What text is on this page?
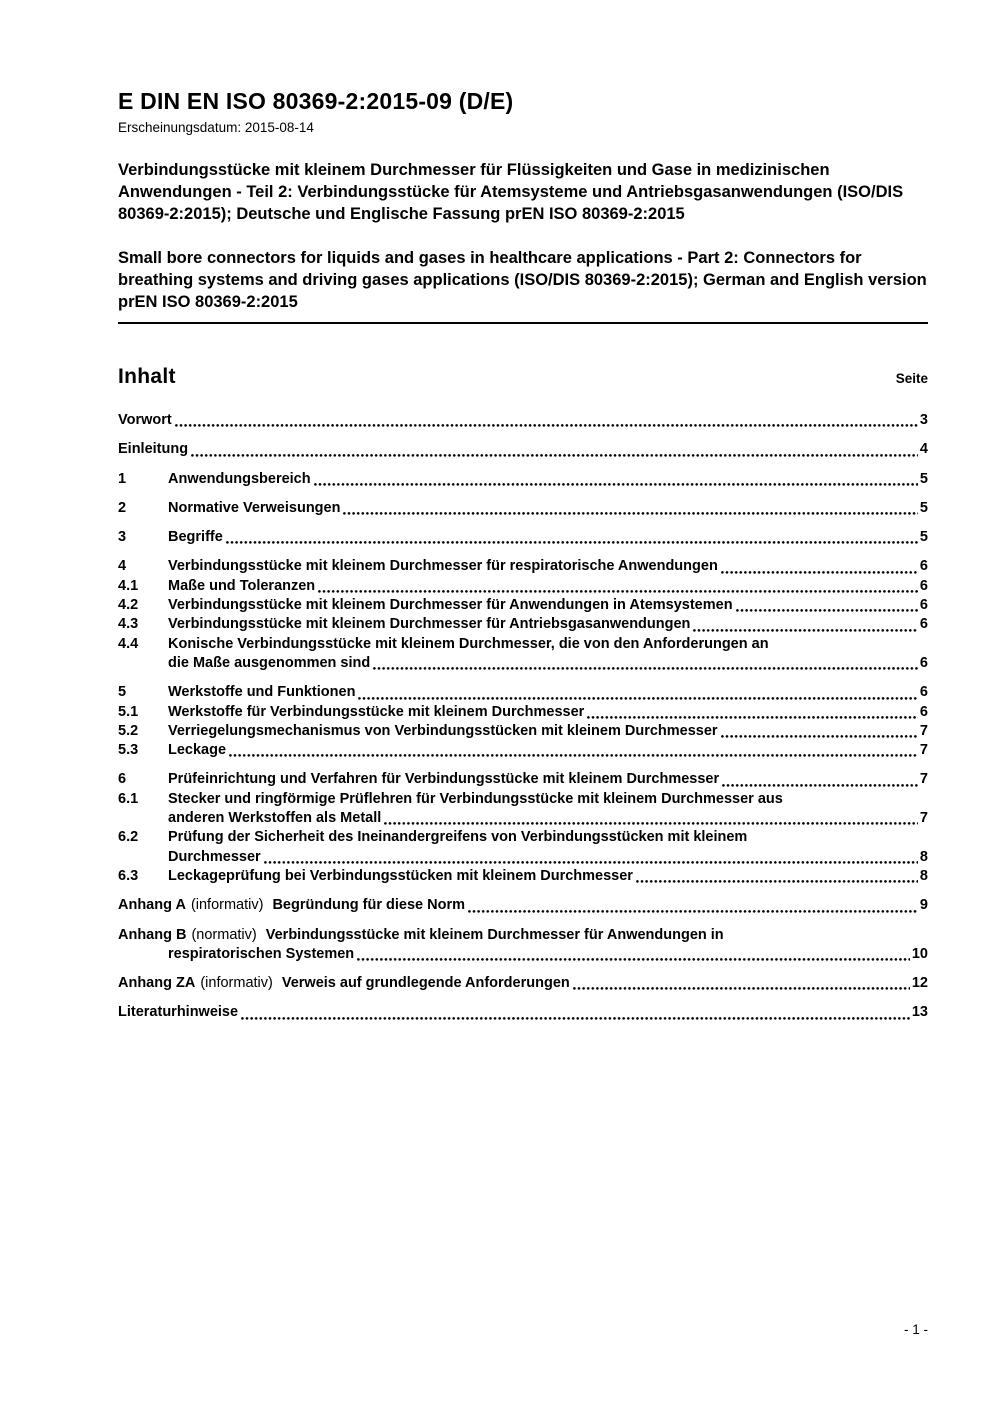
E DIN EN ISO 80369-2:2015-09 (D/E)
Erscheinungsdatum: 2015-08-14
Verbindungsstücke mit kleinem Durchmesser für Flüssigkeiten und Gase in medizinischen Anwendungen - Teil 2: Verbindungsstücke für Atemsysteme und Antriebsgasanwendungen (ISO/DIS 80369-2:2015); Deutsche und Englische Fassung prEN ISO 80369-2:2015
Small bore connectors for liquids and gases in healthcare applications - Part 2: Connectors for breathing systems and driving gases applications (ISO/DIS 80369-2:2015); German and English version prEN ISO 80369-2:2015
Inhalt	Seite
Vorwort	3
Einleitung	4
1	Anwendungsbereich	5
2	Normative Verweisungen	5
3	Begriffe	5
4	Verbindungsstücke mit kleinem Durchmesser für respiratorische Anwendungen	6
4.1	Maße und Toleranzen	6
4.2	Verbindungsstücke mit kleinem Durchmesser für Anwendungen in Atemsystemen	6
4.3	Verbindungsstücke mit kleinem Durchmesser für Antriebsgasanwendungen	6
4.4	Konische Verbindungsstücke mit kleinem Durchmesser, die von den Anforderungen an
die Maße ausgenommen sind	6
5	Werkstoffe und Funktionen	6
5.1	Werkstoffe für Verbindungsstücke mit kleinem Durchmesser	6
5.2	Verriegelungsmechanismus von Verbindungsstücken mit kleinem Durchmesser	7
5.3	Leckage	7
6	Prüfeinrichtung und Verfahren für Verbindungsstücke mit kleinem Durchmesser	7
6.1	Stecker und ringförmige Prüflehren für Verbindungsstücke mit kleinem Durchmesser aus
anderen Werkstoffen als Metall	7
6.2	Prüfung der Sicherheit des Ineinandergreifens von Verbindungsstücken mit kleinem
Durchmesser	8
6.3	Leckageprüfung bei Verbindungsstücken mit kleinem Durchmesser	8
Anhang A (informativ) Begründung für diese Norm	9
Anhang B (normativ) Verbindungsstücke mit kleinem Durchmesser für Anwendungen in
respiratorischen Systemen	10
Anhang ZA (informativ) Verweis auf grundlegende Anforderungen	12
Literaturhinweise	13
- 1 -
